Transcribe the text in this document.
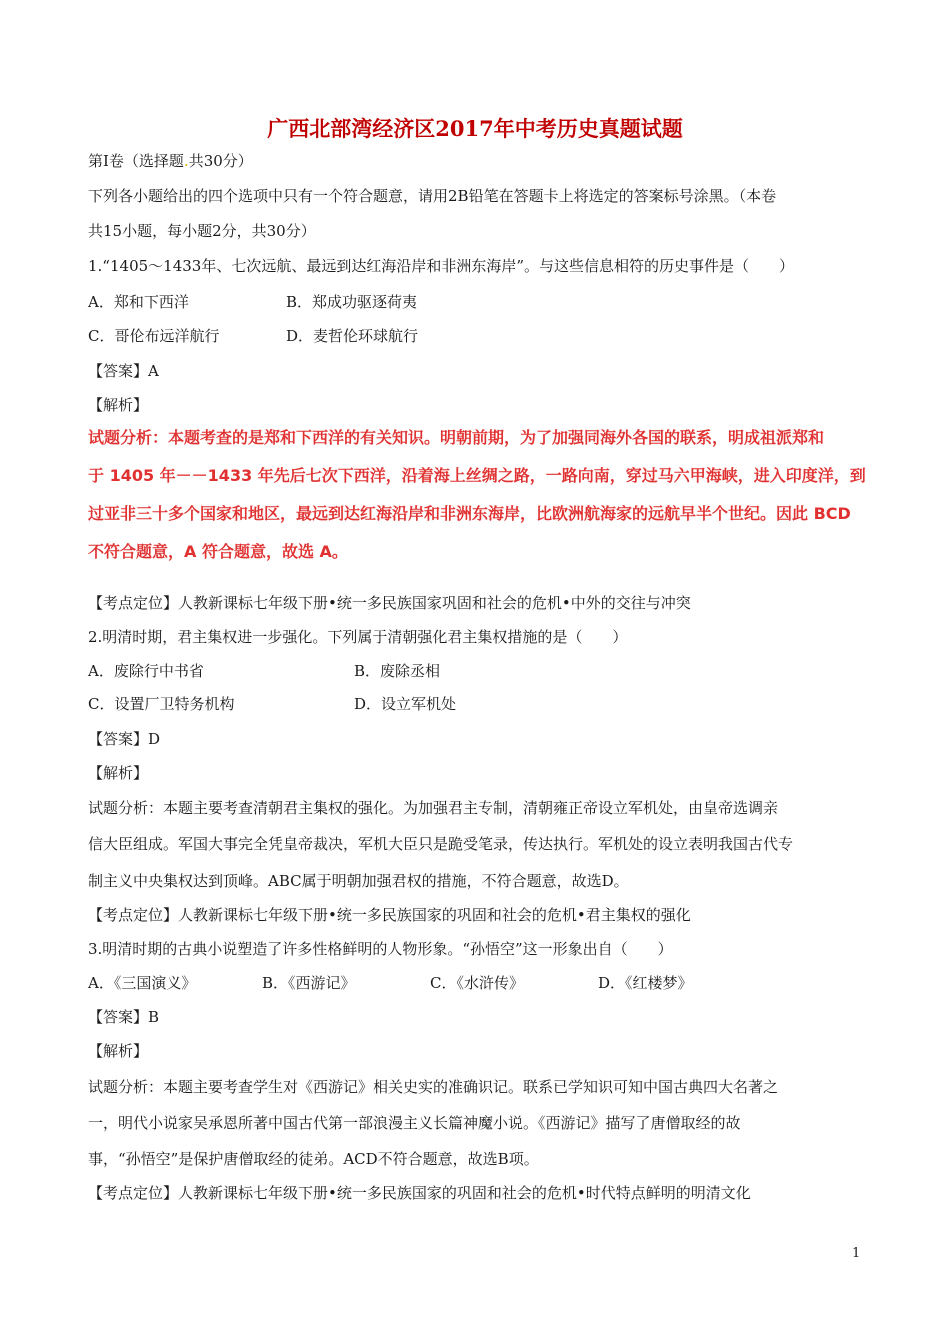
广西北部湾经济区2017年中考历史真题试题
第Ⅰ卷（选择题.共30分）
下列各小题给出的四个选项中只有一个符合题意，请用2B铅笔在答题卡上将选定的答案标号涂黑。（本卷
共15小题，每小题2分，共30分）
1.“1405～1433年、七次远航、最远到达红海沿岸和非洲东海岸”。与这些信息相符的历史事件是（　　）
A．郑和下西洋	B．郑成功驱逐荷夷
C．哥伦布远洋航行	D．麦哲伦环球航行
【答案】A
【解析】
试题分析：本题考查的是郑和下西洋的有关知识。明朝前期，为了加强同海外各国的联系，明成祖派郑和
于 1405 年－－1433 年先后七次下西洋，沿着海上丝绸之路，一路向南，穿过马六甲海峡，进入印度洋，到
过亚非三十多个国家和地区，最远到达红海沿岸和非洲东海岸，比欧洲航海家的远航早半个世纪。因此 BCD
不符合题意，A 符合题意，故选 A。
【考点定位】人教新课标七年级下册•统一多民族国家巩固和社会的危机•中外的交往与冲突
2.明清时期，君主集权进一步强化。下列属于清朝强化君主集权措施的是（　　）
A．废除行中书省	B．废除丞相
C．设置厂卫特务机构	D．设立军机处
【答案】D
【解析】
试题分析：本题主要考查清朝君主集权的强化。为加强君主专制，清朝雍正帝设立军机处，由皇帝选调亲
信大臣组成。军国大事完全凭皇帝裁决，军机大臣只是跪受笔录，传达执行。军机处的设立表明我国古代专
制主义中央集权达到顶峰。ABC属于明朝加强君权的措施，不符合题意，故选D。
【考点定位】人教新课标七年级下册•统一多民族国家的巩固和社会的危机•君主集权的强化
3.明清时期的古典小说塑造了许多性格鲜明的人物形象。“孙悟空”这一形象出自（　　）
A．《三国演义》	B．《西游记》	C．《水浒传》	D．《红楼梦》
【答案】B
【解析】
试题分析：本题主要考查学生对《西游记》相关史实的准确识记。联系已学知识可知中国古典四大名著之
一，明代小说家吴承恩所著中国古代第一部浪漫主义长篇神魔小说。《西游记》描写了唐僧取经的故
事，“孙悟空”是保护唐僧取经的徒弟。ACD不符合题意，故选B项。
【考点定位】人教新课标七年级下册•统一多民族国家的巩固和社会的危机•时代特点鲜明的明清文化
1
